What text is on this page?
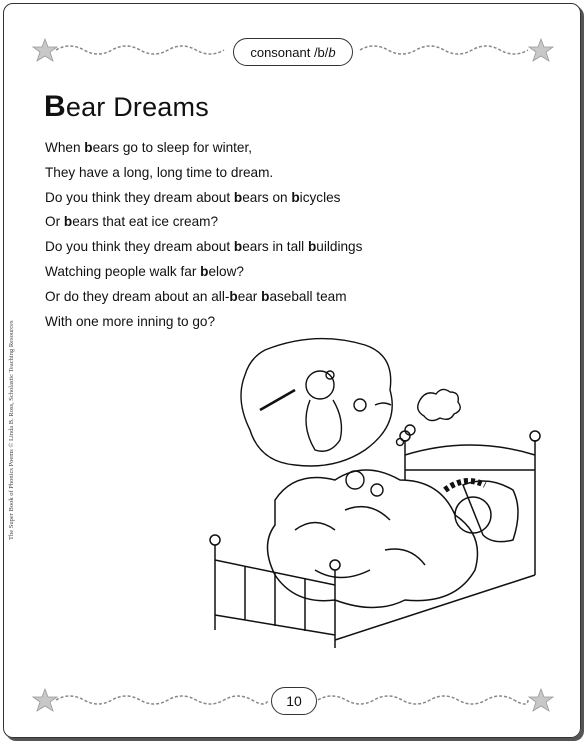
consonant /b/ b
Bear Dreams
When bears go to sleep for winter,
They have a long, long time to dream.
Do you think they dream about bears on bicycles
Or bears that eat ice cream?
Do you think they dream about bears in tall buildings
Watching people walk far below?
Or do they dream about an all-bear baseball team
With one more inning to go?
The Super Book of Phonics Poems © Linda B. Ross, Scholastic Teaching Resources
10
